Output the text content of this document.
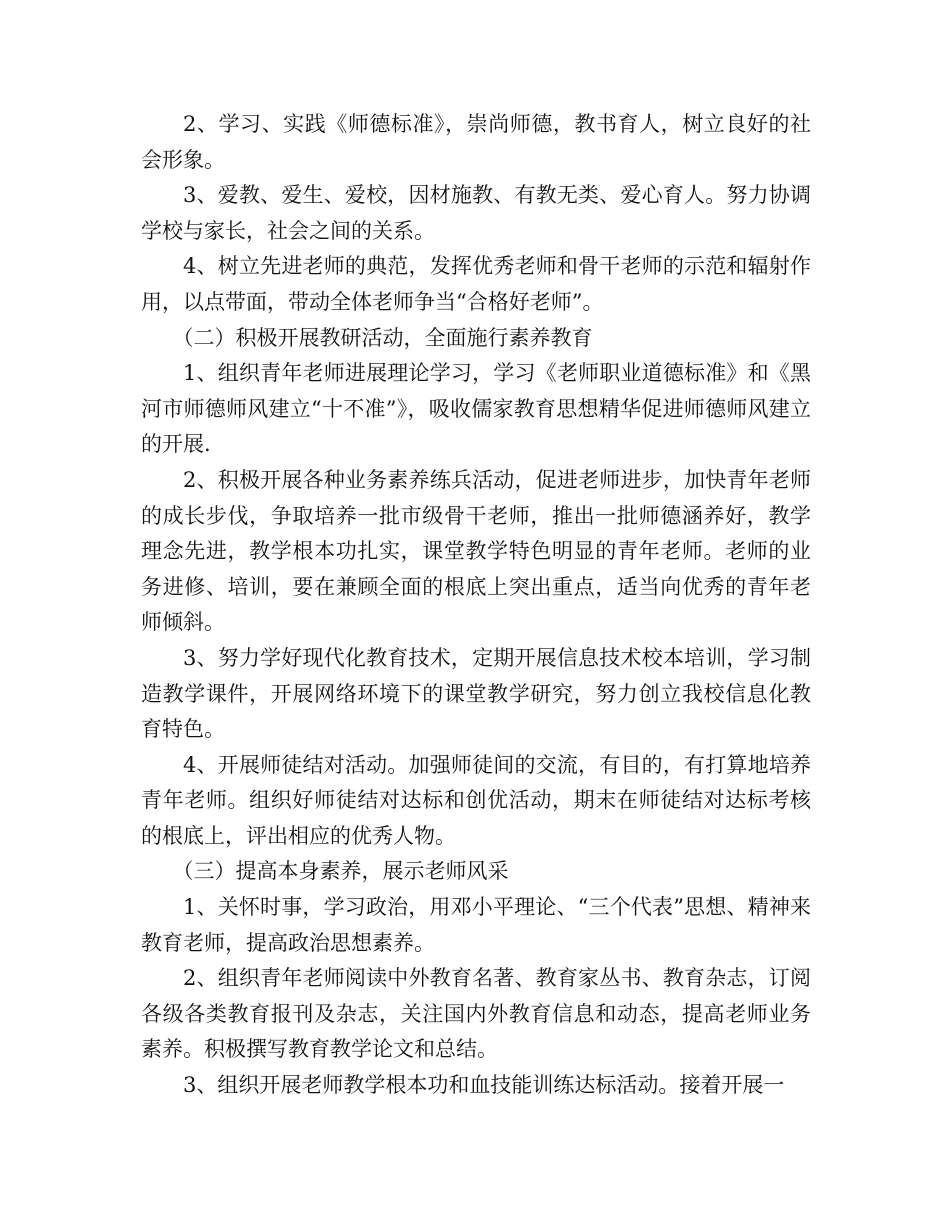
2、学习、实践《师德标准》，崇尚师德，教书育人，树立良好的社会形象。

3、爱教、爱生、爱校，因材施教、有教无类、爱心育人。努力协调学校与家长，社会之间的关系。

4、树立先进老师的典范，发挥优秀老师和骨干老师的示范和辐射作用，以点带面，带动全体老师争当“合格好老师”。

（二）积极开展教研活动，全面施行素养教育

1、组织青年老师进展理论学习，学习《老师职业道德标准》和《黑河市师德师风建立“十不准”》，吸收儒家教育思想精华促进师德师风建立的开展.

2、积极开展各种业务素养练兵活动，促进老师进步，加快青年老师的成长步伐，争取培养一批市级骨干老师，推出一批师德涵养好，教学理念先进，教学根本功扎实，课堂教学特色明显的青年老师。老师的业务进修、培训，要在兼顾全面的根底上突出重点，适当向优秀的青年老师倾斜。

3、努力学好现代化教育技术，定期开展信息技术校本培训，学习制造教学课件，开展网络环境下的课堂教学研究，努力创立我校信息化教育特色。

4、开展师徒结对活动。加强师徒间的交流，有目的，有打算地培养青年老师。组织好师徒结对达标和创优活动，期末在师徒结对达标考核的根底上，评出相应的优秀人物。

（三）提高本身素养，展示老师风采

1、关怀时事，学习政治，用邓小平理论、“三个代表”思想、精神来教育老师，提高政治思想素养。

2、组织青年老师阅读中外教育名著、教育家丛书、教育杂志，订阅各级各类教育报刊及杂志，关注国内外教育信息和动态，提高老师业务素养。积极撰写教育教学论文和总结。

3、组织开展老师教学根本功和血技能训练达标活动。接着开展一
